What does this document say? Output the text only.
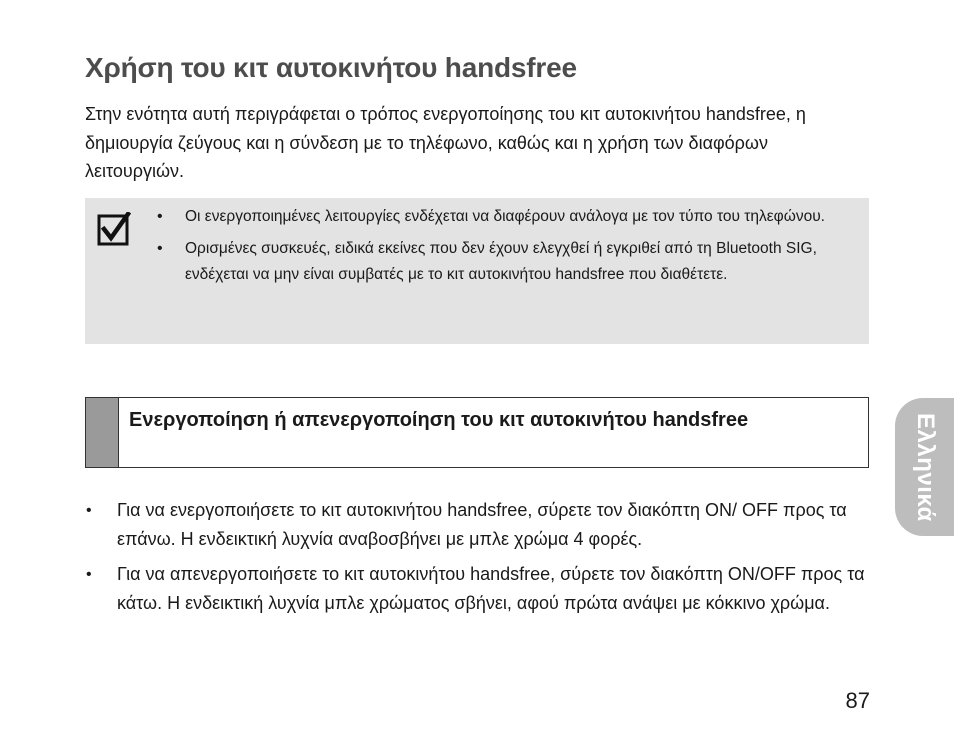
Χρήση του κιτ αυτοκινήτου handsfree

Στην ενότητα αυτή περιγράφεται ο τρόπος ενεργοποίησης του κιτ αυτοκινήτου handsfree, η δημιουργία ζεύγους και η σύνδεση με το τηλέφωνο, καθώς και η χρήση των διαφόρων λειτουργιών.

• Οι ενεργοποιημένες λειτουργίες ενδέχεται να διαφέρουν ανάλογα με τον τύπο του τηλεφώνου.
• Ορισμένες συσκευές, ειδικά εκείνες που δεν έχουν ελεγχθεί ή εγκριθεί από τη Bluetooth SIG, ενδέχεται να μην είναι συμβατές με το κιτ αυτοκινήτου handsfree που διαθέτετε.
Ενεργοποίηση ή απενεργοποίηση του κιτ αυτοκινήτου handsfree
• Για να ενεργοποιήσετε το κιτ αυτοκινήτου handsfree, σύρετε τον διακόπτη ON/ OFF προς τα επάνω. Η ενδεικτική λυχνία αναβοσβήνει με μπλε χρώμα 4 φορές.
• Για να απενεργοποιήσετε το κιτ αυτοκινήτου handsfree, σύρετε τον διακόπτη ON/OFF προς τα κάτω. Η ενδεικτική λυχνία μπλε χρώματος σβήνει, αφού πρώτα ανάψει με κόκκινο χρώμα.
Ελληνικά
87
